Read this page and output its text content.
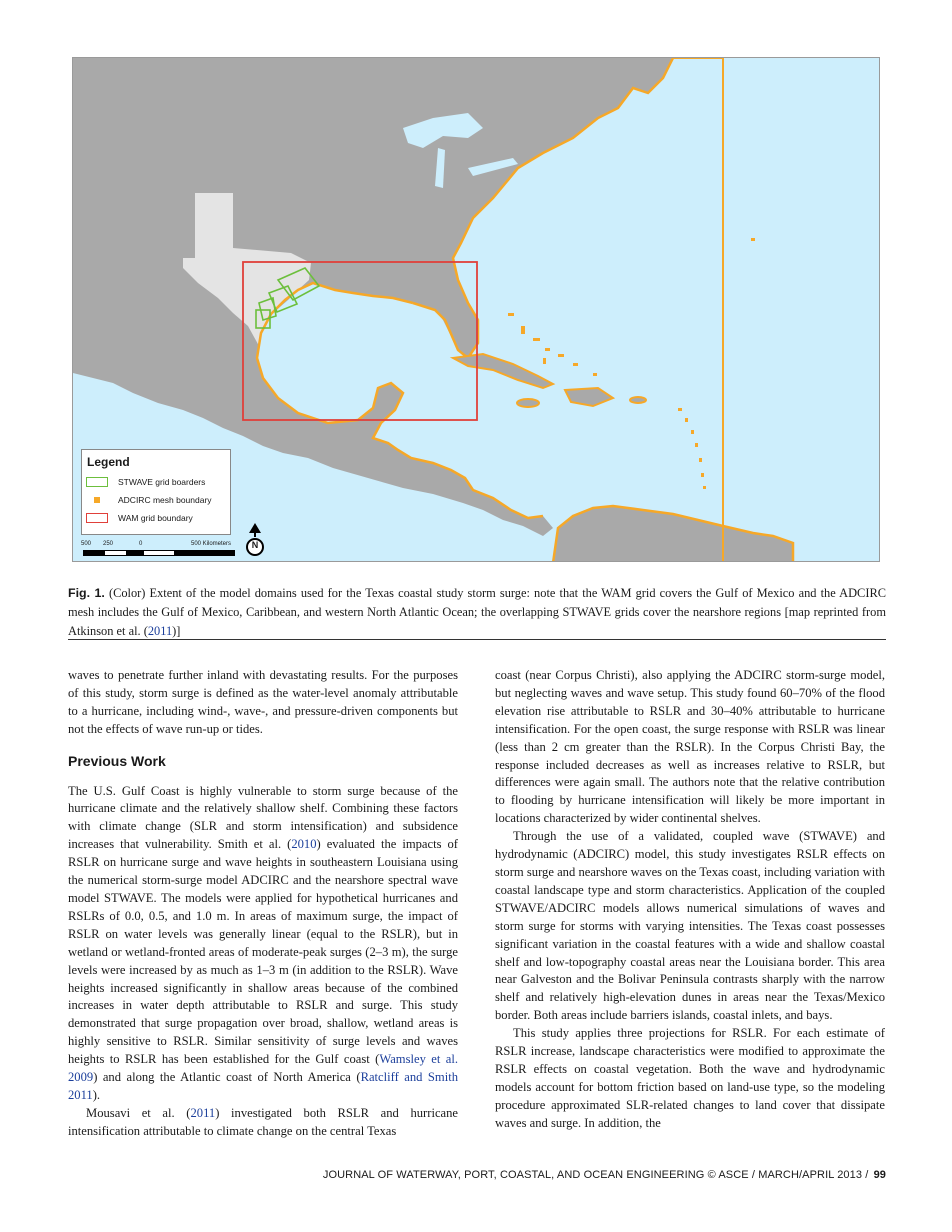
Legend
STWAVE grid boarders
ADCIRC mesh boundary
WAM grid boundary
500 250	0	500 Kilometers	N
Fig. 1. (Color) Extent of the model domains used for the Texas coastal study storm surge: note that the WAM grid covers the Gulf of Mexico and the ADCIRC mesh includes the Gulf of Mexico, Caribbean, and western North Atlantic Ocean; the overlapping STWAVE grids cover the nearshore regions [map reprinted from Atkinson et al. (2011)]

waves to penetrate further inland with devastating results. For the purposes of this study, storm surge is defined as the water-level anomaly attributable to a hurricane, including wind-, wave-, and pressure-driven components but not the effects of wave run-up or tides.

Previous Work

The U.S. Gulf Coast is highly vulnerable to storm surge because of the hurricane climate and the relatively shallow shelf. Combining these factors with climate change (SLR and storm intensification) and subsidence increases that vulnerability. Smith et al. (2010) evaluated the impacts of RSLR on hurricane surge and wave heights in southeastern Louisiana using the numerical storm-surge model ADCIRC and the nearshore spectral wave model STWAVE. The models were applied for hypothetical hurricanes and RSLRs of 0.0, 0.5, and 1.0 m. In areas of maximum surge, the impact of RSLR on water levels was generally linear (equal to the RSLR), but in wetland or wetland-fronted areas of moderate-peak surges (2–3 m), the surge levels were increased by as much as 1–3 m (in addition to the RSLR). Wave heights increased significantly in shallow areas because of the combined increases in water depth attributable to RSLR and surge. This study demonstrated that surge propagation over broad, shallow, wetland areas is highly sensitive to RSLR. Similar sensitivity of surge levels and waves heights to RSLR has been established for the Gulf coast (Wamsley et al. 2009) and along the Atlantic coast of North America (Ratcliff and Smith 2011).

Mousavi et al. (2011) investigated both RSLR and hurricane intensification attributable to climate change on the central Texas

coast (near Corpus Christi), also applying the ADCIRC storm-surge model, but neglecting waves and wave setup. This study found 60–70% of the flood elevation rise attributable to RSLR and 30–40% attributable to hurricane intensification. For the open coast, the surge response with RSLR was linear (less than 2 cm greater than the RSLR). In the Corpus Christi Bay, the response included decreases as well as increases relative to RSLR, but differences were again small. The authors note that the relative contribution to flooding by hurricane intensification will likely be more important in locations characterized by wider continental shelves.

Through the use of a validated, coupled wave (STWAVE) and hydrodynamic (ADCIRC) model, this study investigates RSLR effects on storm surge and nearshore waves on the Texas coast, including variation with coastal landscape type and storm characteristics. Application of the coupled STWAVE/ADCIRC models allows numerical simulations of waves and storm surge for storms with varying intensities. The Texas coast possesses significant variation in the coastal features with a wide and shallow coastal shelf and low-topography coastal areas near the Louisiana border. This area near Galveston and the Bolivar Peninsula contrasts sharply with the narrow shelf and relatively high-elevation dunes in areas near the Texas/Mexico border. Both areas include barriers islands, coastal inlets, and bays.

This study applies three projections for RSLR. For each estimate of RSLR increase, landscape characteristics were modified to approximate the RSLR effects on coastal vegetation. Both the wave and hydrodynamic models account for bottom friction based on land-use type, so the modeling procedure approximated SLR-related changes to land cover that dissipate waves and surge. In addition, the

JOURNAL OF WATERWAY, PORT, COASTAL, AND OCEAN ENGINEERING © ASCE / MARCH/APRIL 2013 / 99
